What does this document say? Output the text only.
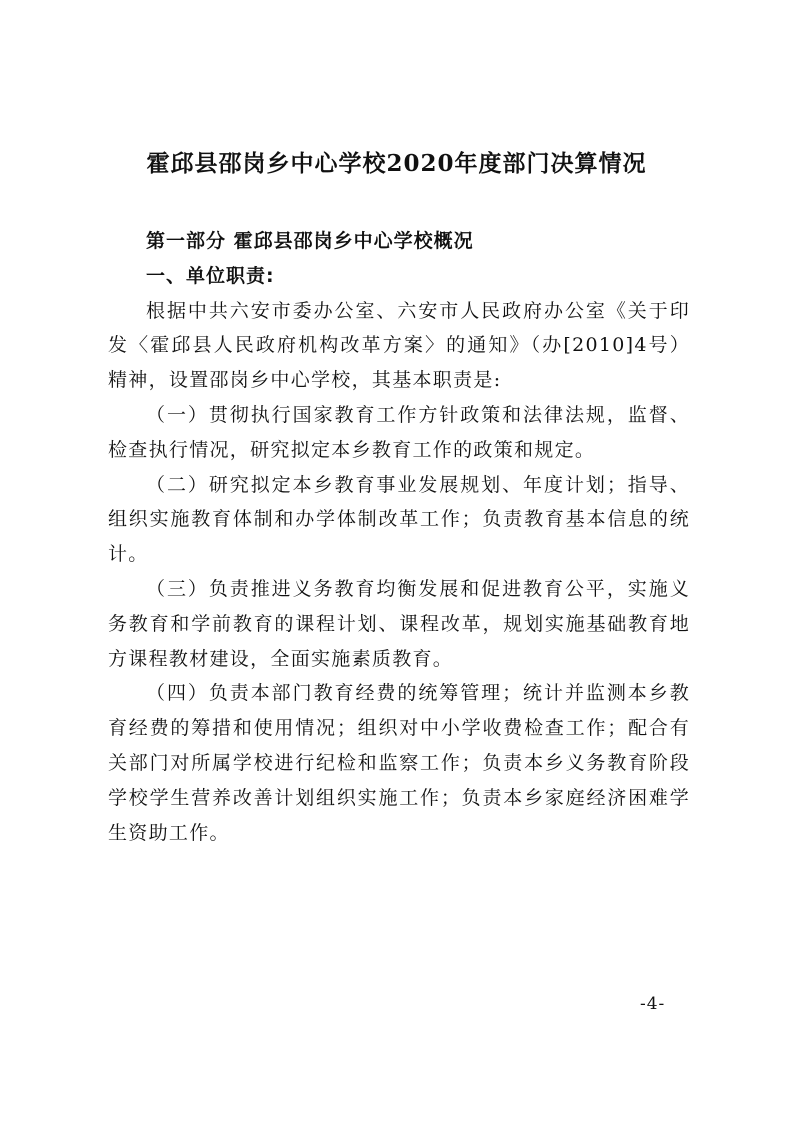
霍邱县邵岗乡中心学校2020年度部门决算情况

第一部分 霍邱县邵岗乡中心学校概况

一、单位职责:

根据中共六安市委办公室、六安市人民政府办公室《关于印发〈霍邱县人民政府机构改革方案〉的通知》（办[2010]4号）精神，设置邵岗乡中心学校，其基本职责是:

（一）贯彻执行国家教育工作方针政策和法律法规，监督、检查执行情况，研究拟定本乡教育工作的政策和规定。

（二）研究拟定本乡教育事业发展规划、年度计划；指导、组织实施教育体制和办学体制改革工作；负责教育基本信息的统计。

（三）负责推进义务教育均衡发展和促进教育公平，实施义务教育和学前教育的课程计划、课程改革，规划实施基础教育地方课程教材建设，全面实施素质教育。

（四）负责本部门教育经费的统筹管理；统计并监测本乡教育经费的筹措和使用情况；组织对中小学收费检查工作；配合有关部门对所属学校进行纪检和监察工作；负责本乡义务教育阶段学校学生营养改善计划组织实施工作；负责本乡家庭经济困难学生资助工作。

-4-
